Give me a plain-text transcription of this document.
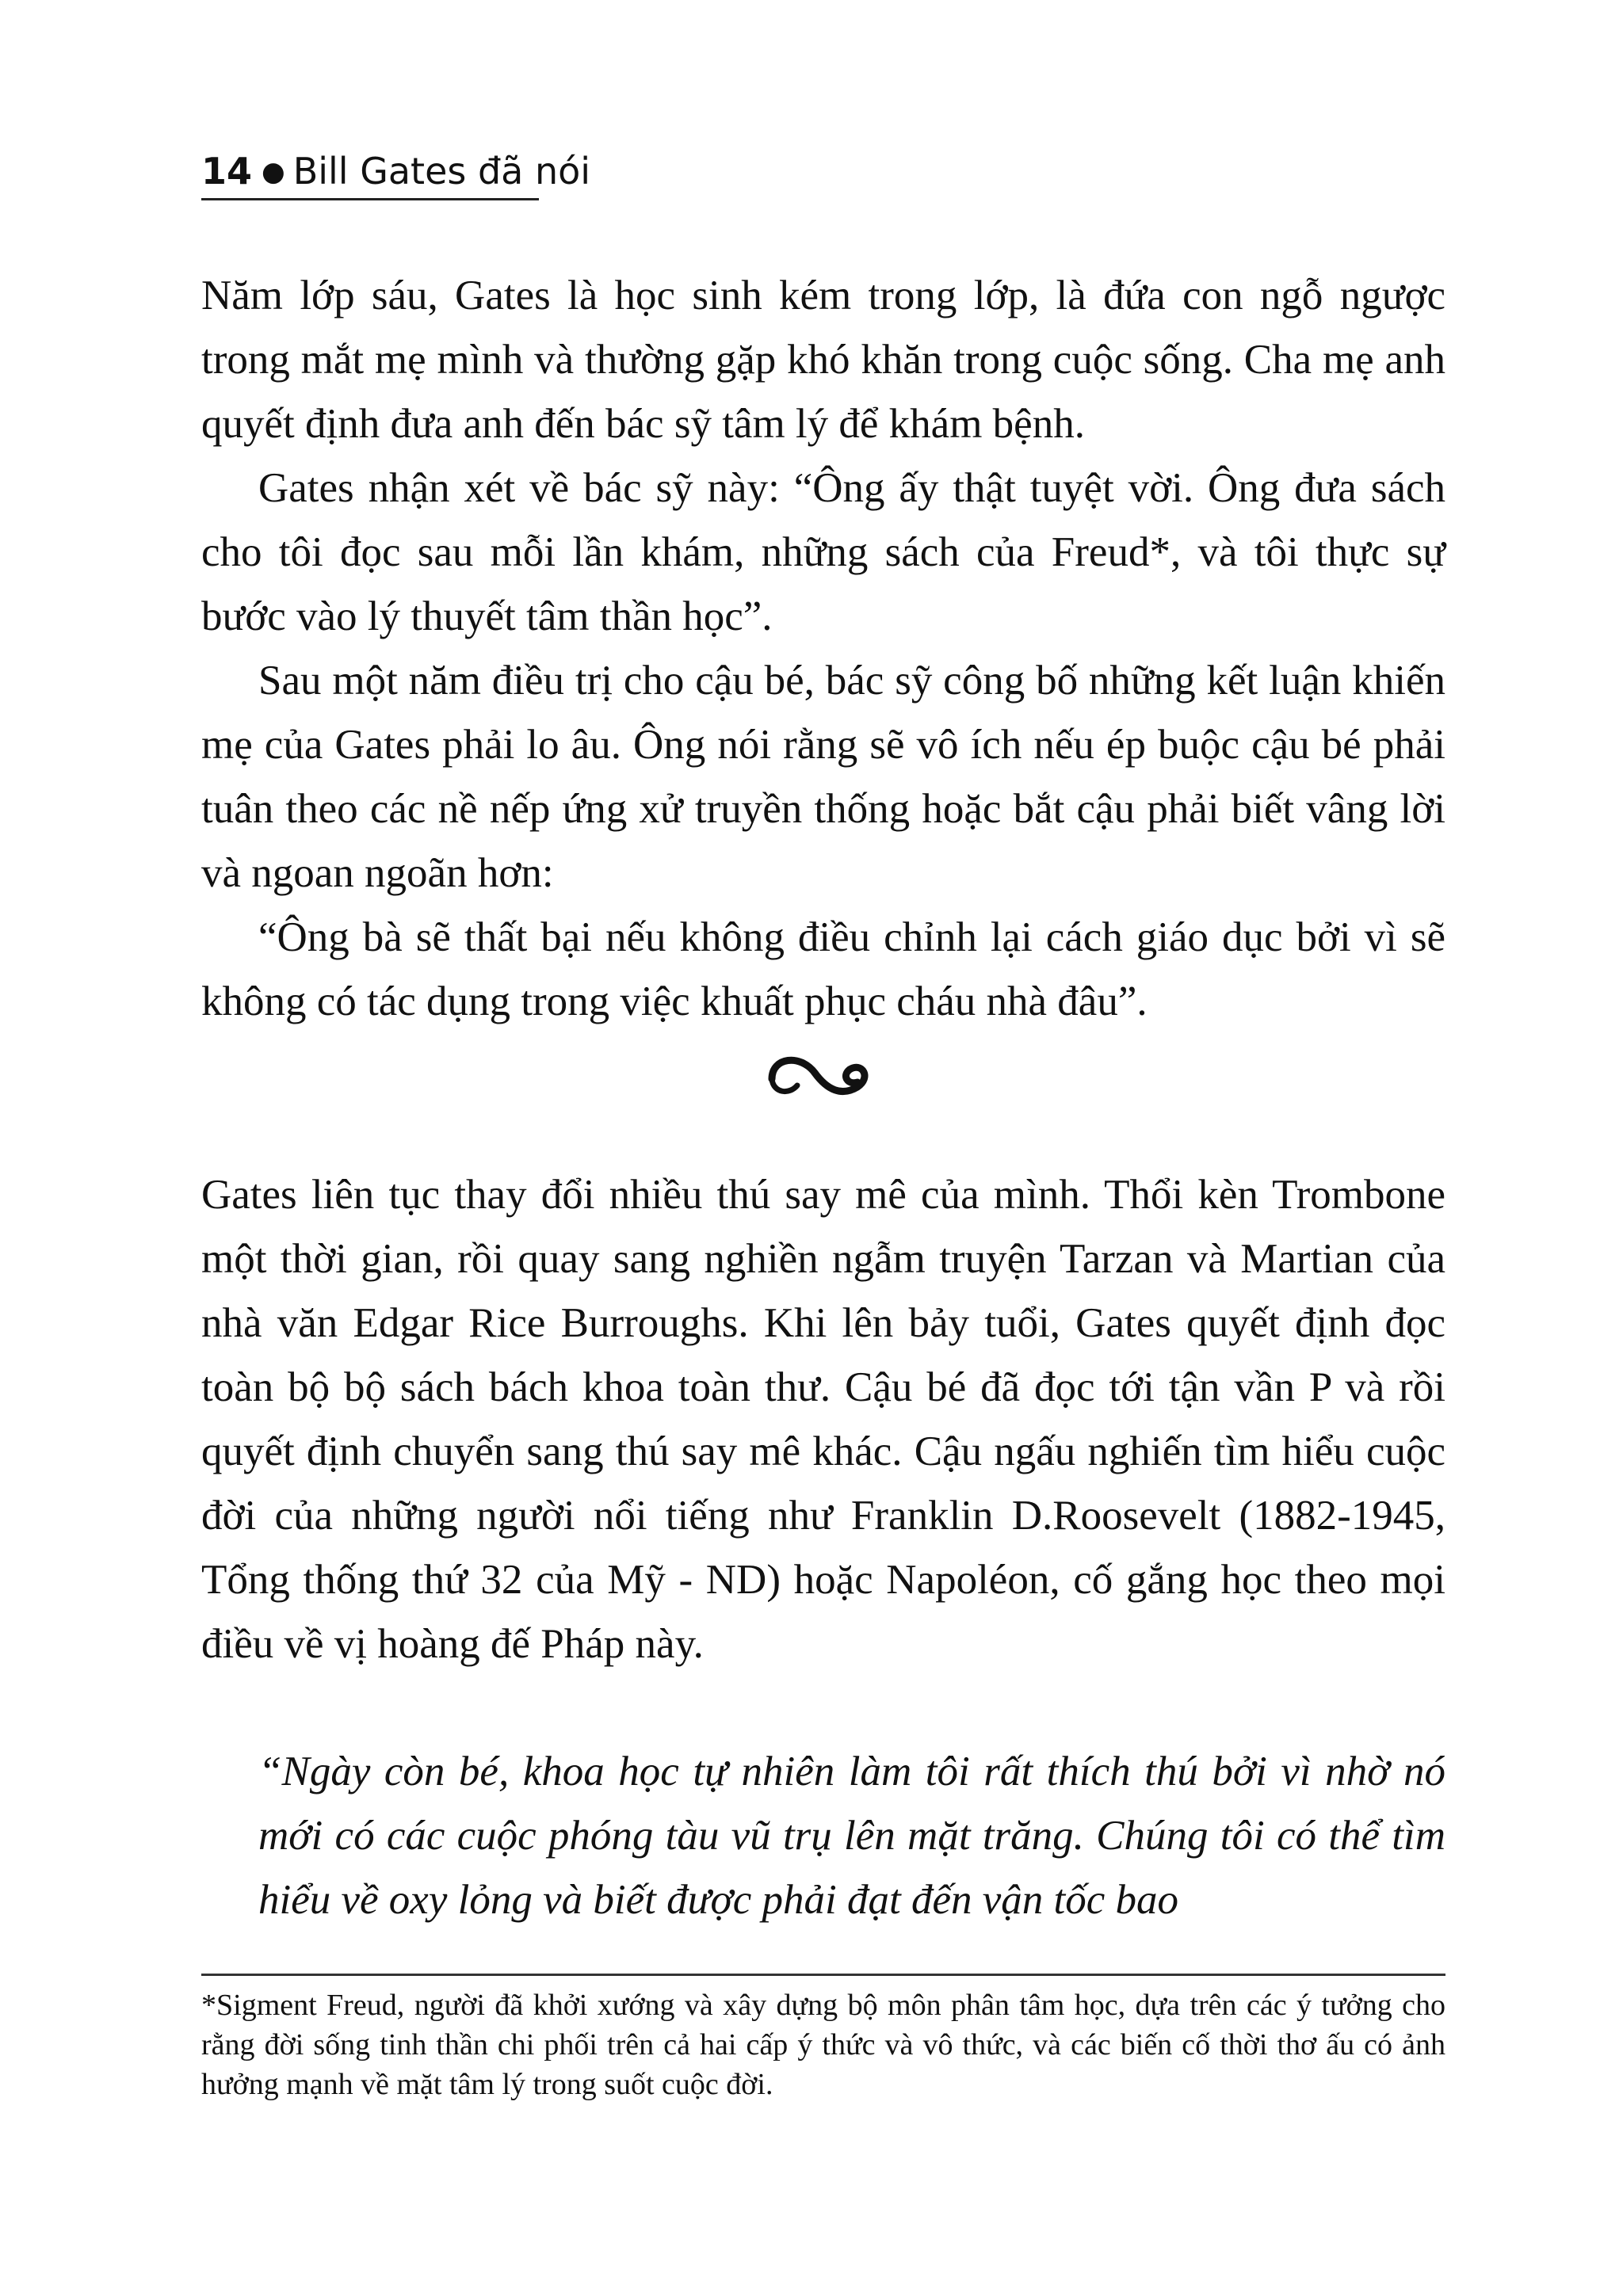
14 ● Bill Gates đã nói

Năm lớp sáu, Gates là học sinh kém trong lớp, là đứa con ngỗ ngược trong mắt mẹ mình và thường gặp khó khăn trong cuộc sống. Cha mẹ anh quyết định đưa anh đến bác sỹ tâm lý để khám bệnh.

Gates nhận xét về bác sỹ này: “Ông ấy thật tuyệt vời. Ông đưa sách cho tôi đọc sau mỗi lần khám, những sách của Freud*, và tôi thực sự bước vào lý thuyết tâm thần học”.

Sau một năm điều trị cho cậu bé, bác sỹ công bố những kết luận khiến mẹ của Gates phải lo âu. Ông nói rằng sẽ vô ích nếu ép buộc cậu bé phải tuân theo các nề nếp ứng xử truyền thống hoặc bắt cậu phải biết vâng lời và ngoan ngoãn hơn:

“Ông bà sẽ thất bại nếu không điều chỉnh lại cách giáo dục bởi vì sẽ không có tác dụng trong việc khuất phục cháu nhà đâu”.

Gates liên tục thay đổi nhiều thú say mê của mình. Thổi kèn Trombone một thời gian, rồi quay sang nghiền ngẫm truyện Tarzan và Martian của nhà văn Edgar Rice Burroughs. Khi lên bảy tuổi, Gates quyết định đọc toàn bộ bộ sách bách khoa toàn thư. Cậu bé đã đọc tới tận vần P và rồi quyết định chuyển sang thú say mê khác. Cậu ngấu nghiến tìm hiểu cuộc đời của những người nổi tiếng như Franklin D.Roosevelt (1882-1945, Tổng thống thứ 32 của Mỹ - ND) hoặc Napoléon, cố gắng học theo mọi điều về vị hoàng đế Pháp này.

“Ngày còn bé, khoa học tự nhiên làm tôi rất thích thú bởi vì nhờ nó mới có các cuộc phóng tàu vũ trụ lên mặt trăng. Chúng tôi có thể tìm hiểu về oxy lỏng và biết được phải đạt đến vận tốc bao

*Sigment Freud, người đã khởi xướng và xây dựng bộ môn phân tâm học, dựa trên các ý tưởng cho rằng đời sống tinh thần chi phối trên cả hai cấp ý thức và vô thức, và các biến cố thời thơ ấu có ảnh hưởng mạnh về mặt tâm lý trong suốt cuộc đời.
